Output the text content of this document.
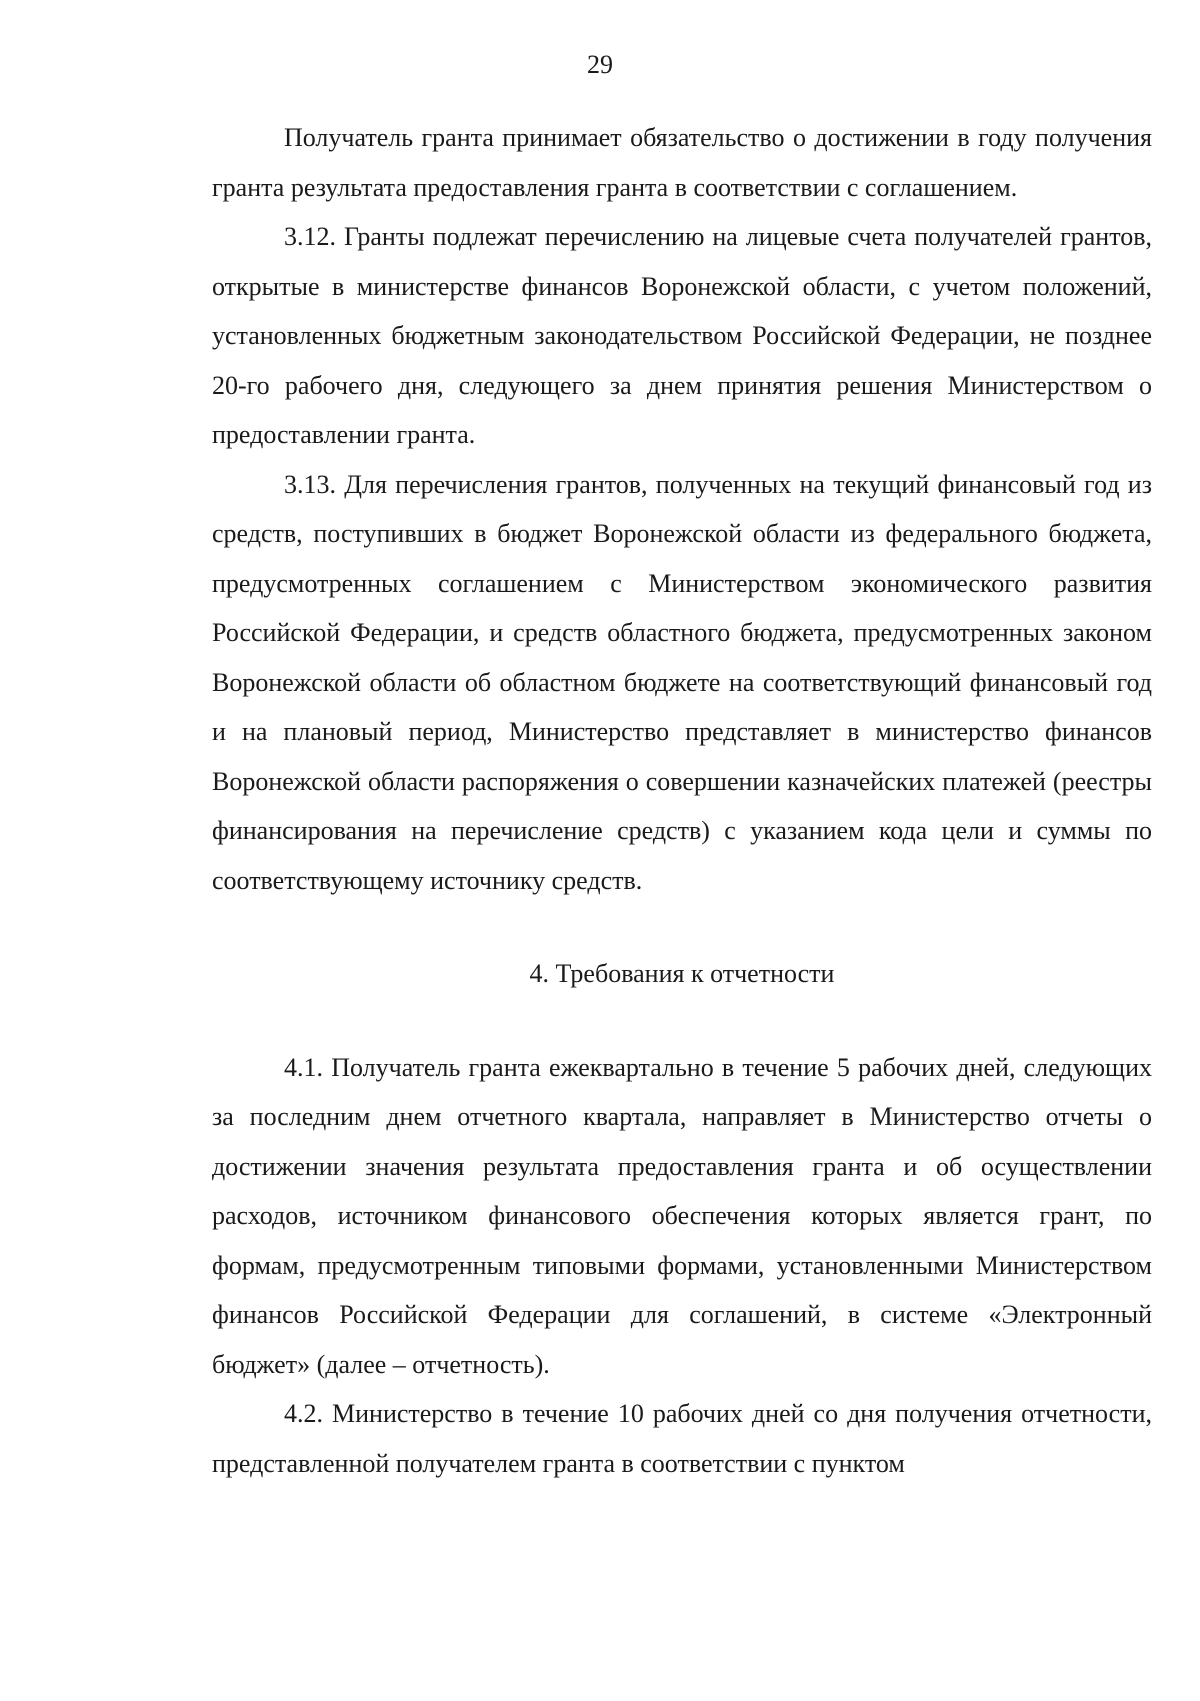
29

Получатель гранта принимает обязательство о достижении в году получения гранта результата предоставления гранта в соответствии с соглашением.

3.12. Гранты подлежат перечислению на лицевые счета получателей грантов, открытые в министерстве финансов Воронежской области, с учетом положений, установленных бюджетным законодательством Российской Федерации, не позднее 20-го рабочего дня, следующего за днем принятия решения Министерством о предоставлении гранта.

3.13. Для перечисления грантов, полученных на текущий финансовый год из средств, поступивших в бюджет Воронежской области из федерального бюджета, предусмотренных соглашением с Министерством экономического развития Российской Федерации, и средств областного бюджета, предусмотренных законом Воронежской области об областном бюджете на соответствующий финансовый год и на плановый период, Министерство представляет в министерство финансов Воронежской области распоряжения о совершении казначейских платежей (реестры финансирования на перечисление средств) с указанием кода цели и суммы по соответствующему источнику средств.

4. Требования к отчетности

4.1. Получатель гранта ежеквартально в течение 5 рабочих дней, следующих за последним днем отчетного квартала, направляет в Министерство отчеты о достижении значения результата предоставления гранта и об осуществлении расходов, источником финансового обеспечения которых является грант, по формам, предусмотренным типовыми формами, установленными Министерством финансов Российской Федерации для соглашений, в системе «Электронный бюджет» (далее – отчетность).

4.2. Министерство в течение 10 рабочих дней со дня получения отчетности, представленной получателем гранта в соответствии с пунктом
